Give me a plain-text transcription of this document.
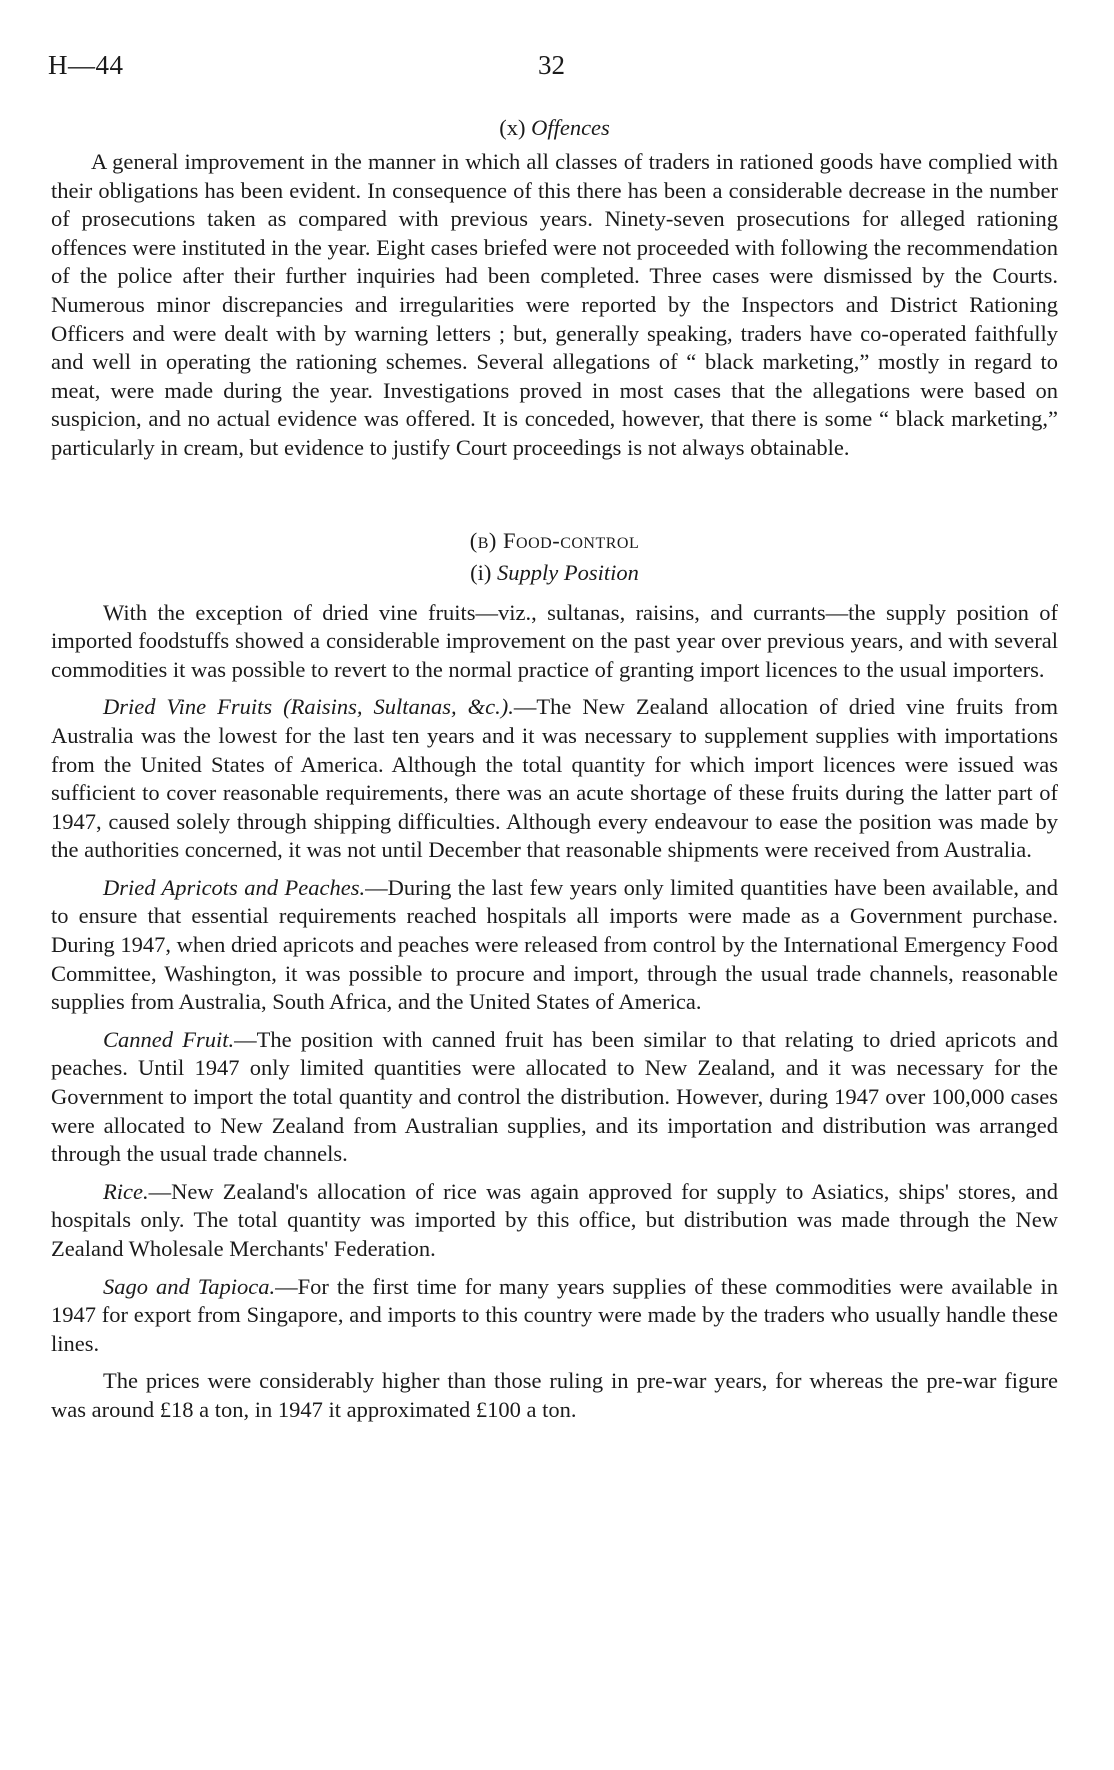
H—44	32
(x) Offences

A general improvement in the manner in which all classes of traders in rationed goods have complied with their obligations has been evident. In consequence of this there has been a considerable decrease in the number of prosecutions taken as compared with previous years. Ninety-seven prosecutions for alleged rationing offences were instituted in the year. Eight cases briefed were not proceeded with following the recommendation of the police after their further inquiries had been completed. Three cases were dismissed by the Courts. Numerous minor discrepancies and irregularities were reported by the Inspectors and District Rationing Officers and were dealt with by warning letters ; but, generally speaking, traders have co-operated faithfully and well in operating the rationing schemes. Several allegations of “ black marketing,” mostly in regard to meat, were made during the year. Investigations proved in most cases that the allegations were based on suspicion, and no actual evidence was offered. It is conceded, however, that there is some “ black marketing,” particularly in cream, but evidence to justify Court proceedings is not always obtainable.

(b) Food-control
(i) Supply Position

With the exception of dried vine fruits—viz., sultanas, raisins, and currants—the supply position of imported foodstuffs showed a considerable improvement on the past year over previous years, and with several commodities it was possible to revert to the normal practice of granting import licences to the usual importers.

Dried Vine Fruits (Raisins, Sultanas, &c.).—The New Zealand allocation of dried vine fruits from Australia was the lowest for the last ten years and it was necessary to supplement supplies with importations from the United States of America. Although the total quantity for which import licences were issued was sufficient to cover reasonable requirements, there was an acute shortage of these fruits during the latter part of 1947, caused solely through shipping difficulties. Although every endeavour to ease the position was made by the authorities concerned, it was not until December that reasonable shipments were received from Australia.

Dried Apricots and Peaches.—During the last few years only limited quantities have been available, and to ensure that essential requirements reached hospitals all imports were made as a Government purchase. During 1947, when dried apricots and peaches were released from control by the International Emergency Food Committee, Washington, it was possible to procure and import, through the usual trade channels, reasonable supplies from Australia, South Africa, and the United States of America.

Canned Fruit.—The position with canned fruit has been similar to that relating to dried apricots and peaches. Until 1947 only limited quantities were allocated to New Zealand, and it was necessary for the Government to import the total quantity and control the distribution. However, during 1947 over 100,000 cases were allocated to New Zealand from Australian supplies, and its importation and distribution was arranged through the usual trade channels.

Rice.—New Zealand's allocation of rice was again approved for supply to Asiatics, ships' stores, and hospitals only. The total quantity was imported by this office, but distribution was made through the New Zealand Wholesale Merchants' Federation.

Sago and Tapioca.—For the first time for many years supplies of these commodities were available in 1947 for export from Singapore, and imports to this country were made by the traders who usually handle these lines.

The prices were considerably higher than those ruling in pre-war years, for whereas the pre-war figure was around £18 a ton, in 1947 it approximated £100 a ton.
